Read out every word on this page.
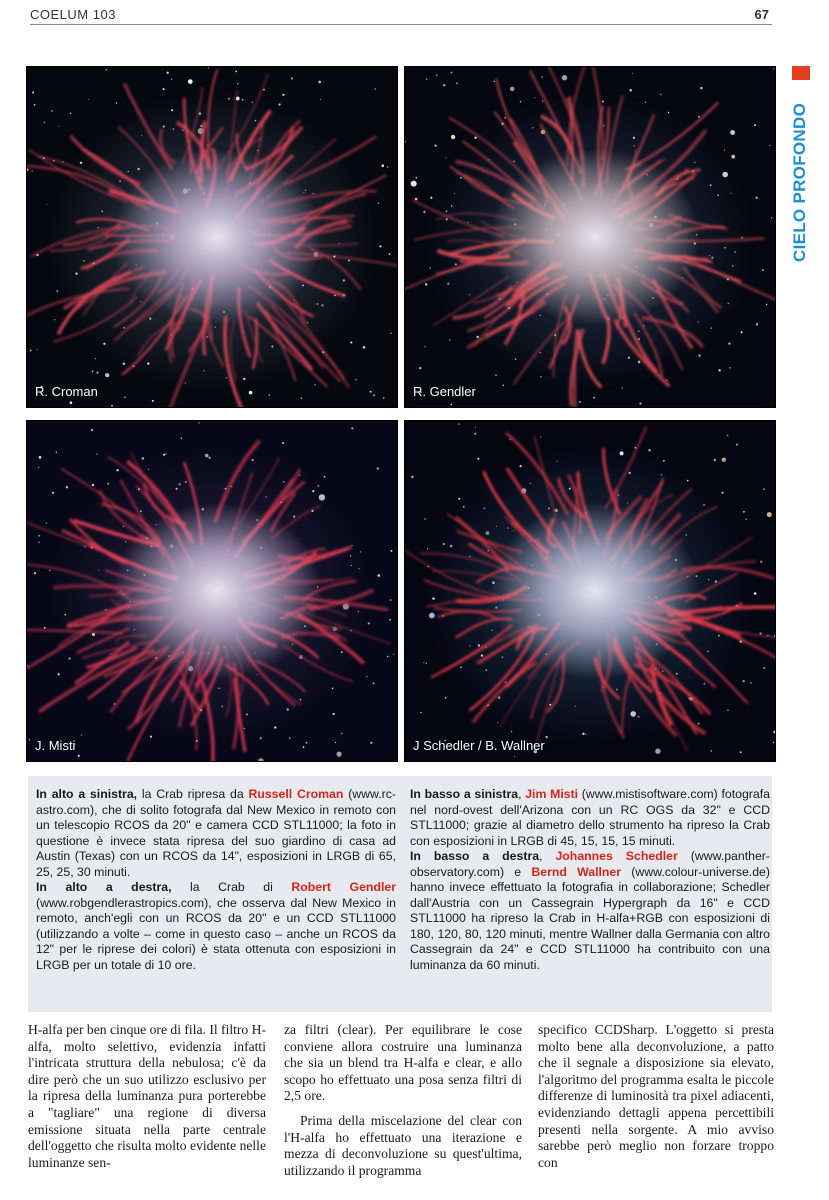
COELUM 103	67
CIELO PROFONDO
R. Croman	R. Gendler
J. Misti	J Schedler / B. Wallner

In alto a sinistra, la Crab ripresa da Russell Croman (www.rc-astro.com), che di solito fotografa dal New Mexico in remoto con un telescopio RCOS da 20" e camera CCD STL11000; la foto in questione è invece stata ripresa del suo giardino di casa ad Austin (Texas) con un RCOS da 14", esposizioni in LRGB di 65, 25, 25, 30 minuti.

In alto a destra, la Crab di Robert Gendler (www.robgendlerastropics.com), che osserva dal New Mexico in remoto, anch'egli con un RCOS da 20" e un CCD STL11000 (utilizzando a volte – come in questo caso – anche un RCOS da 12" per le riprese dei colori) è stata ottenuta con esposizioni in LRGB per un totale di 10 ore.

In basso a sinistra, Jim Misti (www.mistisoftware.com) fotografa nel nord-ovest dell'Arizona con un RC OGS da 32" e CCD STL11000; grazie al diametro dello strumento ha ripreso la Crab con esposizioni in LRGB di 45, 15, 15, 15 minuti.

In basso a destra, Johannes Schedler (www.panther-observatory.com) e Bernd Wallner (www.colour-universe.de) hanno invece effettuato la fotografia in collaborazione; Schedler dall'Austria con un Cassegrain Hypergraph da 16" e CCD STL11000 ha ripreso la Crab in H-alfa+RGB con esposizioni di 180, 120, 80, 120 minuti, mentre Wallner dalla Germania con altro Cassegrain da 24" e CCD STL11000 ha contribuito con una luminanza da 60 minuti.

H-alfa per ben cinque ore di fila. Il filtro H-alfa, molto selettivo, evidenzia infatti l'intricata struttura della nebulosa; c'è da dire però che un suo utilizzo esclusivo per la ripresa della luminanza pura porterebbe a "tagliare" una regione di diversa emissione situata nella parte centrale dell'oggetto che risulta molto evidente nelle luminanze sen-

za filtri (clear). Per equilibrare le cose conviene allora costruire una luminanza che sia un blend tra H-alfa e clear, e allo scopo ho effettuato una posa senza filtri di 2,5 ore.

Prima della miscelazione del clear con l'H-alfa ho effettuato una iterazione e mezza di deconvoluzione su quest'ultima, utilizzando il programma

specifico CCDSharp. L'oggetto si presta molto bene alla deconvoluzione, a patto che il segnale a disposizione sia elevato, l'algoritmo del programma esalta le piccole differenze di luminosità tra pixel adiacenti, evidenziando dettagli appena percettibili presenti nella sorgente. A mio avviso sarebbe però meglio non forzare troppo con
